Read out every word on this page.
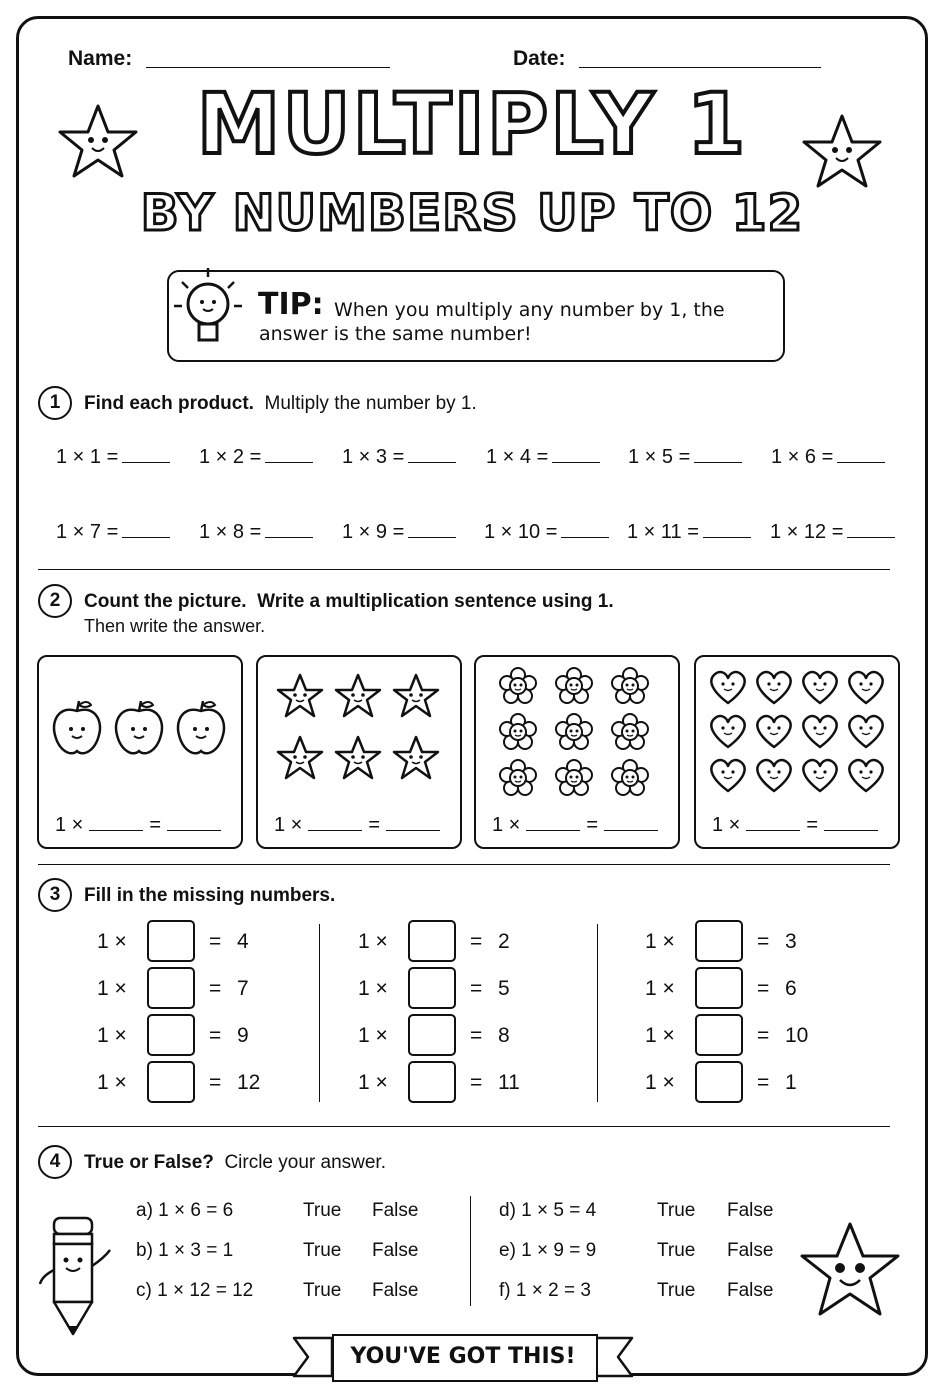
Name:	Date:
MULTIPLY 1
BY NUMBERS UP TO 12
TIP: When you multiply any number by 1, the
answer is the same number!
1	Find each product. Multiply the number by 1.
1 × 1 =	1 × 2 =	1 × 3 =	1 × 4 =	1 × 5 =	1 × 6 =
1 × 7 =	1 × 8 =	1 × 9 =	1 × 10 =	1 × 11 =	1 × 12 =
2	Count the picture. Write a multiplication sentence using 1.
Then write the answer.
1 ×	=	1 ×	=	1 ×	=	1 ×	=
3	Fill in the missing numbers.
1 ×	= 4
1 ×	= 7
1 ×	= 9
1 ×	= 12
1 ×	= 2
1 ×	= 5
1 ×	= 8
1 ×	= 11
1 ×	= 3
1 ×	= 6
1 ×	= 10
1 ×	= 1
4	True or False? Circle your answer.
a) 1 × 6 = 6	True False
b) 1 × 3 = 1	True False
c) 1 × 12 = 12	True False
d) 1 × 5 = 4	True False
e) 1 × 9 = 9	True False
f) 1 × 2 = 3	True False
YOU'VE GOT THIS!
